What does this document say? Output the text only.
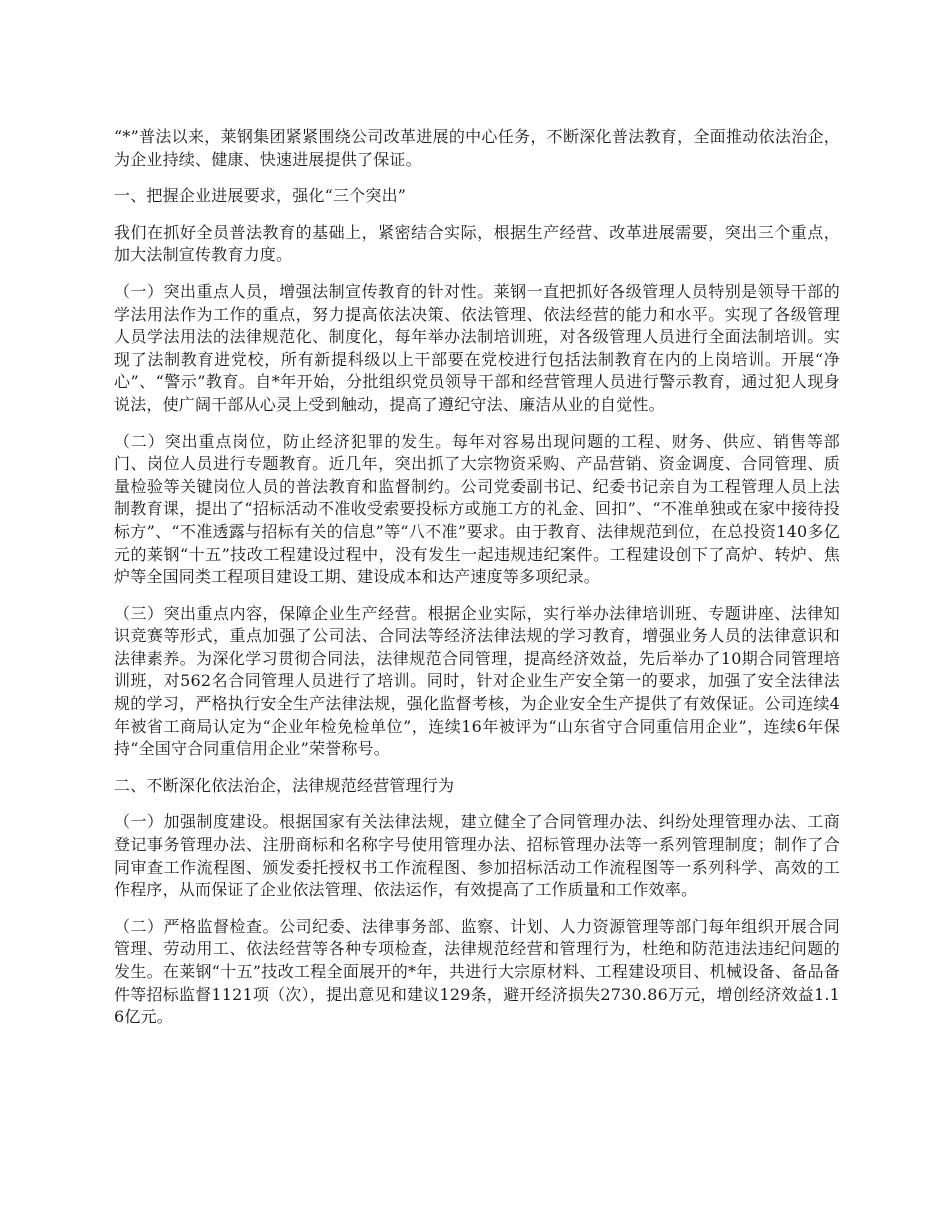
“*”普法以来，莱钢集团紧紧围绕公司改革进展的中心任务，不断深化普法教育，全面推动依法治企，为企业持续、健康、快速进展提供了保证。

一、把握企业进展要求，强化“三个突出”

我们在抓好全员普法教育的基础上，紧密结合实际，根据生产经营、改革进展需要，突出三个重点，加大法制宣传教育力度。

（一）突出重点人员，增强法制宣传教育的针对性。莱钢一直把抓好各级管理人员特别是领导干部的学法用法作为工作的重点，努力提高依法决策、依法管理、依法经营的能力和水平。实现了各级管理人员学法用法的法律规范化、制度化，每年举办法制培训班，对各级管理人员进行全面法制培训。实现了法制教育进党校，所有新提科级以上干部要在党校进行包括法制教育在内的上岗培训。开展“净心”、“警示”教育。自*年开始，分批组织党员领导干部和经营管理人员进行警示教育，通过犯人现身说法，使广阔干部从心灵上受到触动，提高了遵纪守法、廉洁从业的自觉性。

（二）突出重点岗位，防止经济犯罪的发生。每年对容易出现问题的工程、财务、供应、销售等部门、岗位人员进行专题教育。近几年，突出抓了大宗物资采购、产品营销、资金调度、合同管理、质量检验等关键岗位人员的普法教育和监督制约。公司党委副书记、纪委书记亲自为工程管理人员上法制教育课，提出了“招标活动不准收受索要投标方或施工方的礼金、回扣”、“不准单独或在家中接待投标方”、“不准透露与招标有关的信息”等“八不准”要求。由于教育、法律规范到位，在总投资140多亿元的莱钢“十五”技改工程建设过程中，没有发生一起违规违纪案件。工程建设创下了高炉、转炉、焦炉等全国同类工程项目建设工期、建设成本和达产速度等多项纪录。

（三）突出重点内容，保障企业生产经营。根据企业实际，实行举办法律培训班、专题讲座、法律知识竞赛等形式，重点加强了公司法、合同法等经济法律法规的学习教育，增强业务人员的法律意识和法律素养。为深化学习贯彻合同法，法律规范合同管理，提高经济效益，先后举办了10期合同管理培训班，对562名合同管理人员进行了培训。同时，针对企业生产安全第一的要求，加强了安全法律法规的学习，严格执行安全生产法律法规，强化监督考核，为企业安全生产提供了有效保证。公司连续4年被省工商局认定为“企业年检免检单位”，连续16年被评为“山东省守合同重信用企业”，连续6年保持“全国守合同重信用企业”荣誉称号。

二、不断深化依法治企，法律规范经营管理行为

（一）加强制度建设。根据国家有关法律法规，建立健全了合同管理办法、纠纷处理管理办法、工商登记事务管理办法、注册商标和名称字号使用管理办法、招标管理办法等一系列管理制度；制作了合同审查工作流程图、颁发委托授权书工作流程图、参加招标活动工作流程图等一系列科学、高效的工作程序，从而保证了企业依法管理、依法运作，有效提高了工作质量和工作效率。

（二）严格监督检查。公司纪委、法律事务部、监察、计划、人力资源管理等部门每年组织开展合同管理、劳动用工、依法经营等各种专项检查，法律规范经营和管理行为，杜绝和防范违法违纪问题的发生。在莱钢“十五”技改工程全面展开的*年，共进行大宗原材料、工程建设项目、机械设备、备品备件等招标监督1121项（次），提出意见和建议129条，避开经济损失2730.86万元，增创经济效益1.16亿元。
